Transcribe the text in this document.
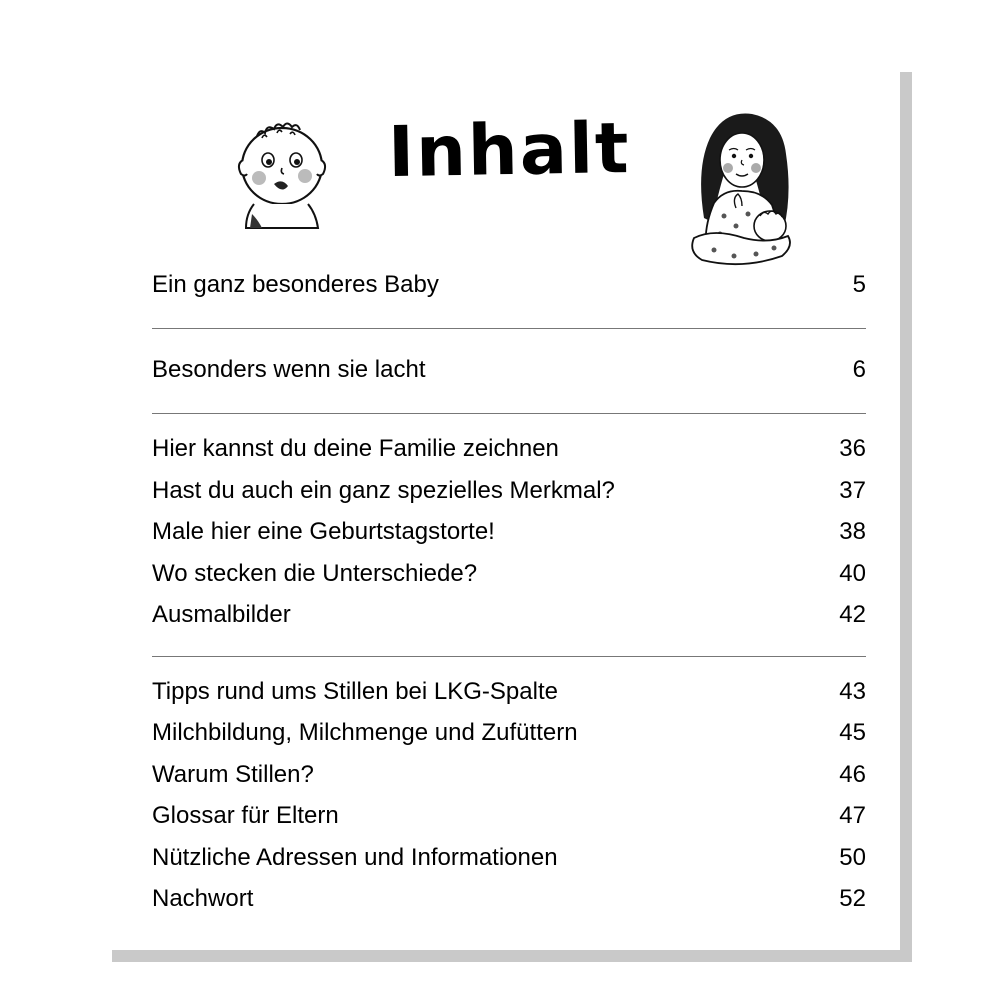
Inhalt
Ein ganz besonderes Baby	5
Besonders wenn sie lacht	6
Hier kannst du deine Familie zeichnen	36
Hast du auch ein ganz spezielles Merkmal?	37
Male hier eine Geburtstagstorte!	38
Wo stecken die Unterschiede?	40
Ausmalbilder	42
Tipps rund ums Stillen bei LKG-Spalte	43
Milchbildung, Milchmenge und Zufüttern	45
Warum Stillen?	46
Glossar für Eltern	47
Nützliche Adressen und Informationen	50
Nachwort	52
